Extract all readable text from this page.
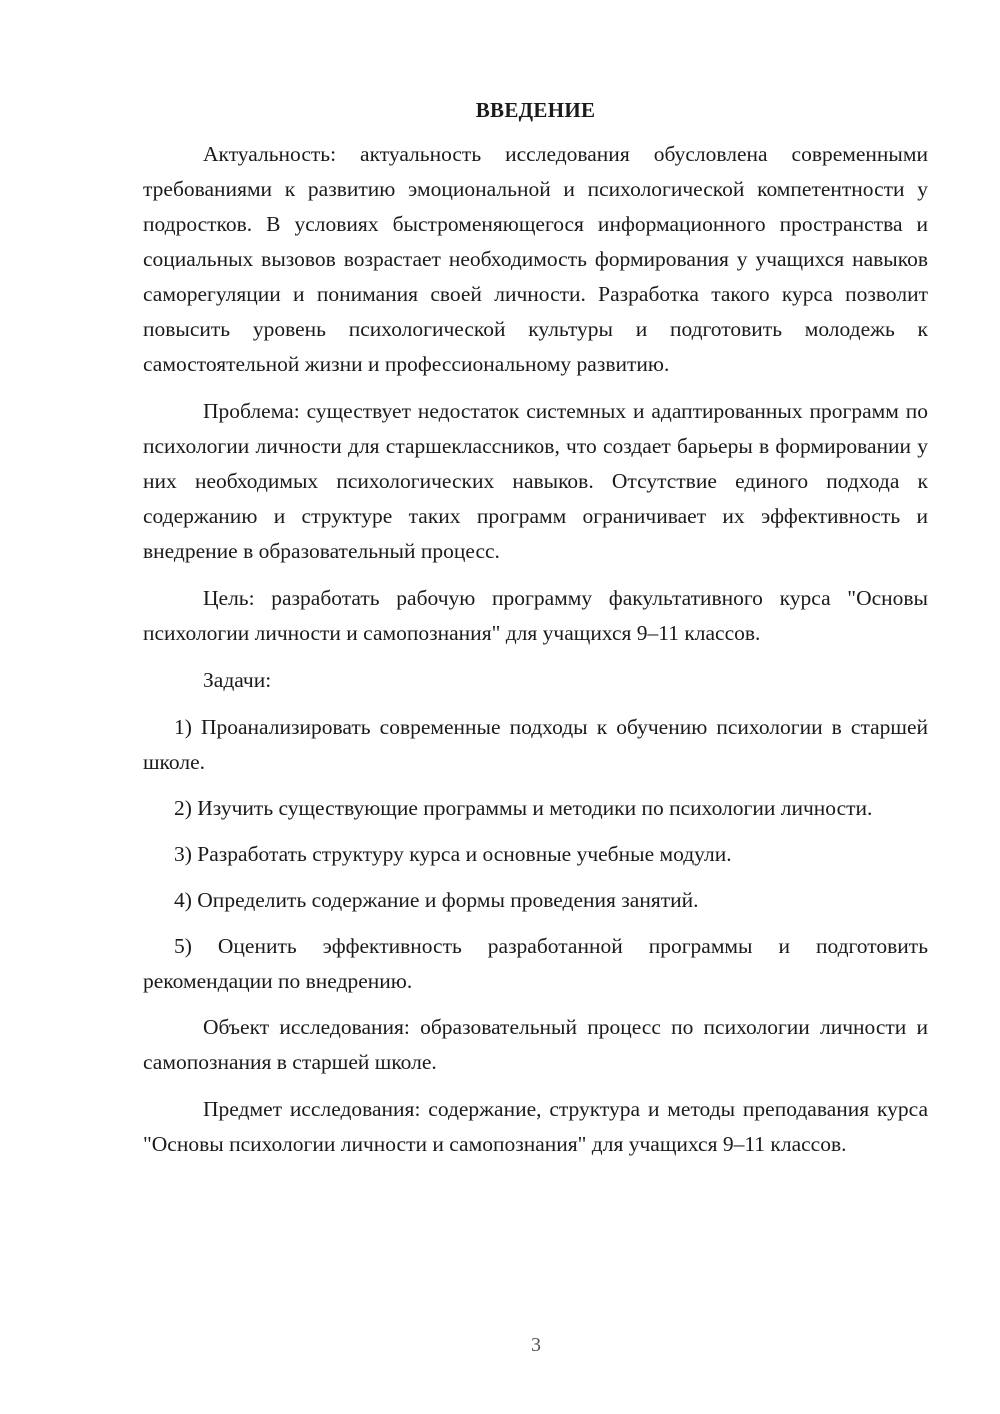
ВВЕДЕНИЕ

Актуальность: актуальность исследования обусловлена современными требованиями к развитию эмоциональной и психологической компетентности у подростков. В условиях быстроменяющегося информационного пространства и социальных вызовов возрастает необходимость формирования у учащихся навыков саморегуляции и понимания своей личности. Разработка такого курса позволит повысить уровень психологической культуры и подготовить молодежь к самостоятельной жизни и профессиональному развитию.

Проблема: существует недостаток системных и адаптированных программ по психологии личности для старшеклассников, что создает барьеры в формировании у них необходимых психологических навыков. Отсутствие единого подхода к содержанию и структуре таких программ ограничивает их эффективность и внедрение в образовательный процесс.

Цель: разработать рабочую программу факультативного курса "Основы психологии личности и самопознания" для учащихся 9–11 классов.

Задачи:

1) Проанализировать современные подходы к обучению психологии в старшей школе.

2) Изучить существующие программы и методики по психологии личности.

3) Разработать структуру курса и основные учебные модули.

4) Определить содержание и формы проведения занятий.

5) Оценить эффективность разработанной программы и подготовить рекомендации по внедрению.

Объект исследования: образовательный процесс по психологии личности и самопознания в старшей школе.

Предмет исследования: содержание, структура и методы преподавания курса "Основы психологии личности и самопознания" для учащихся 9–11 классов.

3
